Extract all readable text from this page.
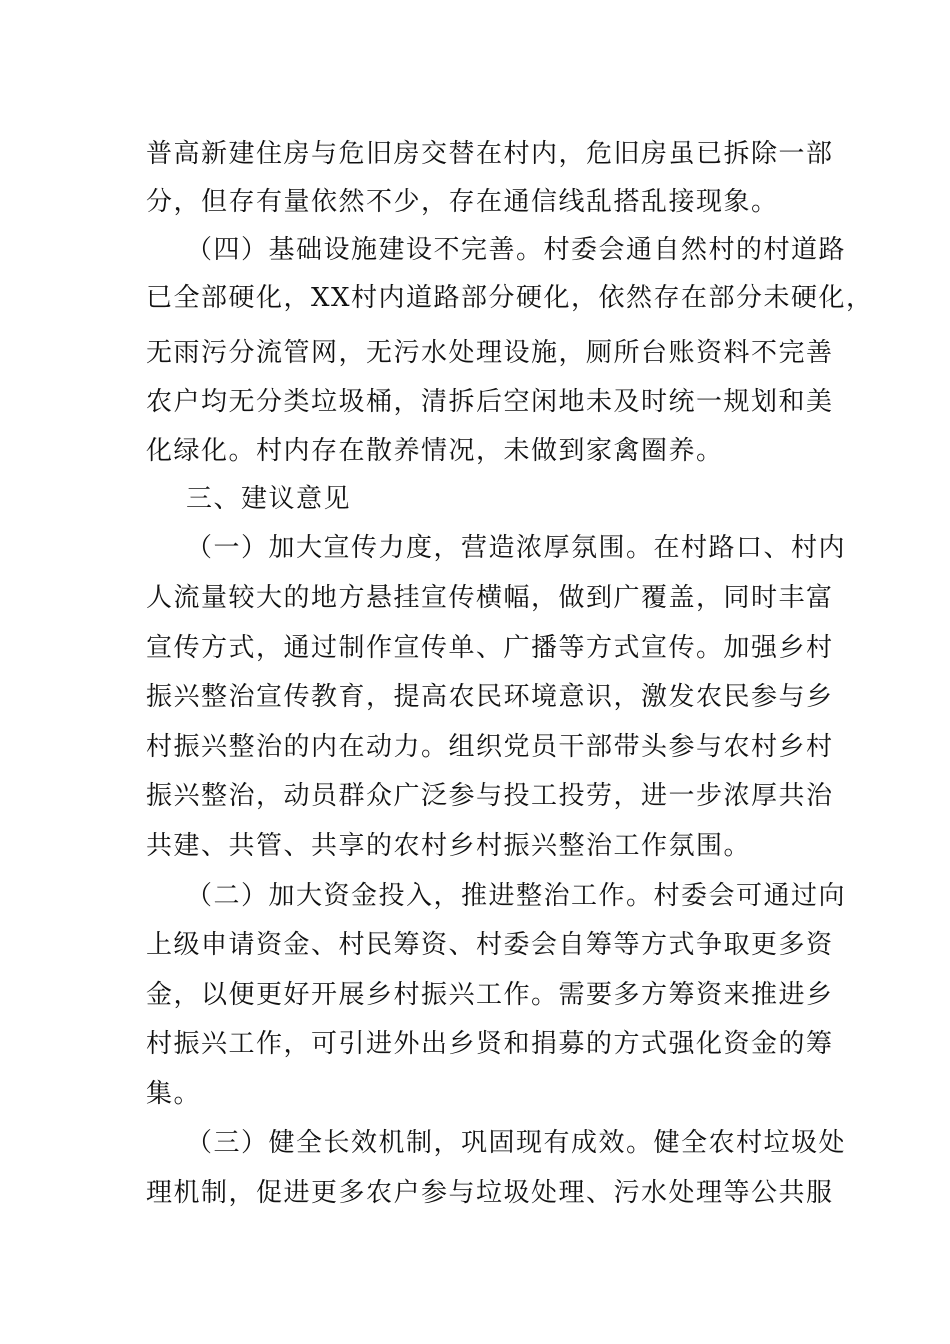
普高新建住房与危旧房交替在村内，危旧房虽已拆除一部
分，但存有量依然不少，存在通信线乱搭乱接现象。
（四）基础设施建设不完善。村委会通自然村的村道路
已全部硬化，XX村内道路部分硬化，依然存在部分未硬化，
无雨污分流管网，无污水处理设施，厕所台账资料不完善
农户均无分类垃圾桶，清拆后空闲地未及时统一规划和美
化绿化。村内存在散养情况，未做到家禽圈养。
三、建议意见
（一）加大宣传力度，营造浓厚氛围。在村路口、村内
人流量较大的地方悬挂宣传横幅，做到广覆盖，同时丰富
宣传方式，通过制作宣传单、广播等方式宣传。加强乡村
振兴整治宣传教育，提高农民环境意识，激发农民参与乡
村振兴整治的内在动力。组织党员干部带头参与农村乡村
振兴整治，动员群众广泛参与投工投劳，进一步浓厚共治
共建、共管、共享的农村乡村振兴整治工作氛围。
（二）加大资金投入，推进整治工作。村委会可通过向
上级申请资金、村民筹资、村委会自筹等方式争取更多资
金，以便更好开展乡村振兴工作。需要多方筹资来推进乡
村振兴工作，可引进外出乡贤和捐募的方式强化资金的筹
集。
（三）健全长效机制，巩固现有成效。健全农村垃圾处
理机制，促进更多农户参与垃圾处理、污水处理等公共服
